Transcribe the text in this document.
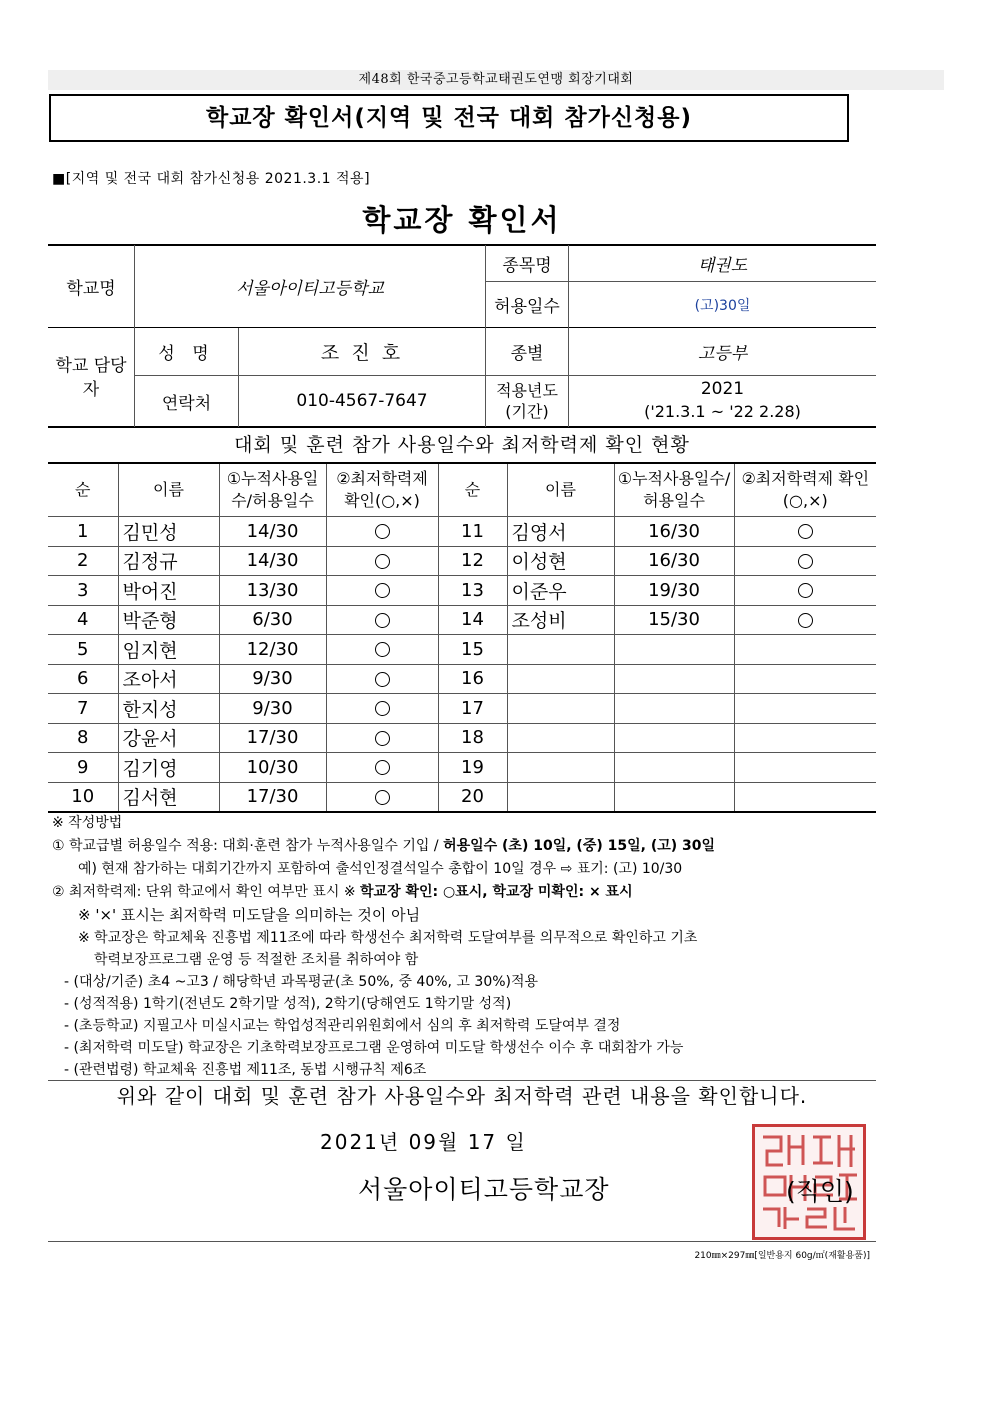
제48회 한국중고등학교태권도연맹 회장기대회
학교장 확인서(지역 및 전국 대회 참가신청용)
■[지역 및 전국 대회 참가신청용 2021.3.1 적용]
학교장 확인서
학교명	서울아이티고등학교
종목명	태권도
허용일수	(고)30일
학교 담당자
성 명	조 진 호	종별	고등부
연락처	010-4567-7647
적용년도 (기간)
2021
('21.3.1 ~ '22 2.28)
대회 및 훈련 참가 사용일수와 최저학력제 확인 현황
순	이름	①누적사용일수/허용일수	②최저학력제 확인(○,×)	순	이름	①누적사용일수/허용일수	②최저학력제 확인(○,×)
1	김민성	14/30		11	김영서	16/30	
2	김정규	14/30		12	이성현	16/30	
3	박어진	13/30		13	이준우	19/30	
4	박준형	6/30		14	조성비	15/30	
5	임지현	12/30		15			
6	조아서	9/30		16			
7	한지성	9/30		17			
8	강윤서	17/30		18			
9	김기영	10/30		19			
10	김서현	17/30		20			
※ 작성방법
① 학교급별 허용일수 적용: 대회·훈련 참가 누적사용일수 기입 / 허용일수 (초) 10일, (중) 15일, (고) 30일
예) 현재 참가하는 대회기간까지 포함하여 출석인정결석일수 총합이 10일 경우 ⇨ 표기: (고) 10/30
② 최저학력제: 단위 학교에서 확인 여부만 표시 ※ 학교장 확인: ○표시, 학교장 미확인: × 표시
※ '×' 표시는 최저학력 미도달을 의미하는 것이 아님
※ 학교장은 학교체육 진흥법 제11조에 따라 학생선수 최저학력 도달여부를 의무적으로 확인하고 기초
학력보장프로그램 운영 등 적절한 조치를 취하여야 함
- (대상/기준) 초4 ~고3 / 해당학년 과목평균(초 50%, 중 40%, 고 30%)적용
- (성적적용) 1학기(전년도 2학기말 성적), 2학기(당해연도 1학기말 성적)
- (초등학교) 지필고사 미실시교는 학업성적관리위원회에서 심의 후 최저학력 도달여부 결정
- (최저학력 미도달) 학교장은 기초학력보장프로그램 운영하여 미도달 학생선수 이수 후 대회참가 가능
- (관련법령) 학교체육 진흥법 제11조, 동법 시행규칙 제6조
위와 같이 대회 및 훈련 참가 사용일수와 최저학력 관련 내용을 확인합니다.
2021년 09월 17 일
서울아이티고등학교장	(직인)
210㎜×297㎜[일반용지 60g/㎡(재활용품)]
